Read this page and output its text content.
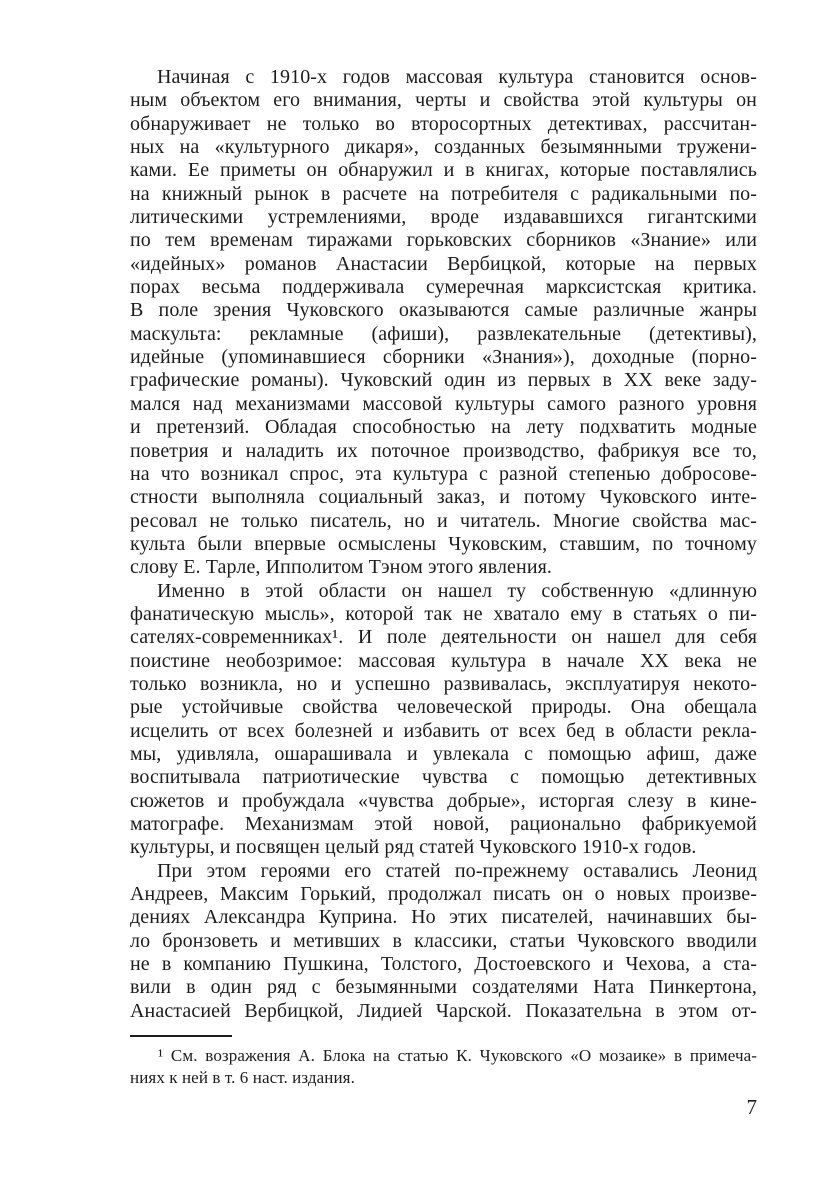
Начиная с 1910-х годов массовая культура становится основ-
ным объектом его внимания, черты и свойства этой культуры он
обнаруживает не только во второсортных детективах, рассчитан-
ных на «культурного дикаря», созданных безымянными тружени-
ками. Ее приметы он обнаружил и в книгах, которые поставлялись
на книжный рынок в расчете на потребителя с радикальными по-
литическими устремлениями, вроде издававшихся гигантскими
по тем временам тиражами горьковских сборников «Знание» или
«идейных» романов Анастасии Вербицкой, которые на первых
порах весьма поддерживала сумеречная марксистская критика.
В поле зрения Чуковского оказываются самые различные жанры
маскульта: рекламные (афиши), развлекательные (детективы),
идейные (упоминавшиеся сборники «Знания»), доходные (порно-
графические романы). Чуковский один из первых в XX веке заду-
мался над механизмами массовой культуры самого разного уровня
и претензий. Обладая способностью на лету подхватить модные
поветрия и наладить их поточное производство, фабрикуя все то,
на что возникал спрос, эта культура с разной степенью добросове-
стности выполняла социальный заказ, и потому Чуковского инте-
ресовал не только писатель, но и читатель. Многие свойства мас-
культа были впервые осмыслены Чуковским, ставшим, по точному
слову Е. Тарле, Ипполитом Тэном этого явления.
Именно в этой области он нашел ту собственную «длинную
фанатическую мысль», которой так не хватало ему в статьях о пи-
сателях-современниках¹. И поле деятельности он нашел для себя
поистине необозримое: массовая культура в начале XX века не
только возникла, но и успешно развивалась, эксплуатируя некото-
рые устойчивые свойства человеческой природы. Она обещала
исцелить от всех болезней и избавить от всех бед в области рекла-
мы, удивляла, ошарашивала и увлекала с помощью афиш, даже
воспитывала патриотические чувства с помощью детективных
сюжетов и пробуждала «чувства добрые», исторгая слезу в кине-
матографе. Механизмам этой новой, рационально фабрикуемой
культуры, и посвящен целый ряд статей Чуковского 1910-х годов.
При этом героями его статей по-прежнему оставались Леонид
Андреев, Максим Горький, продолжал писать он о новых произве-
дениях Александра Куприна. Но этих писателей, начинавших бы-
ло бронзоветь и метивших в классики, статьи Чуковского вводили
не в компанию Пушкина, Толстого, Достоевского и Чехова, а ста-
вили в один ряд с безымянными создателями Ната Пинкертона,
Анастасией Вербицкой, Лидией Чарской. Показательна в этом от-
¹ См. возражения А. Блока на статью К. Чуковского «О мозаике» в примеча-
ниях к ней в т. 6 наст. издания.
7
